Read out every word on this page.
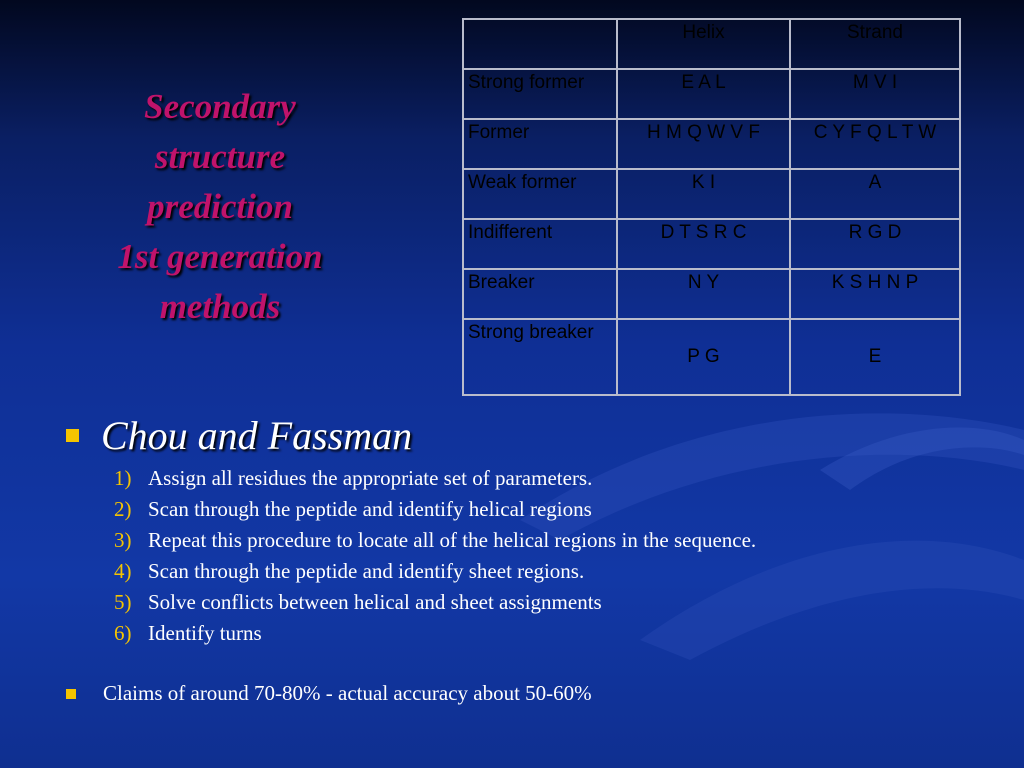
Secondary
structure
prediction
1st generation
methods
	Helix	Strand
Strong former	E A L	M V I
Former	H M Q W V F	C Y F Q L T W
Weak former	K I	A
Indifferent	D T S R C	R G D
Breaker	N Y	K S H N P
Strong breaker	P G	E
Chou and Fassman
1) Assign all residues the appropriate set of parameters.
2) Scan through the peptide and identify helical regions
3) Repeat this procedure to locate all of the helical regions in the sequence.
4) Scan through the peptide and identify sheet regions.
5) Solve conflicts between helical and sheet assignments
6) Identify turns
Claims of around 70-80% - actual accuracy about 50-60%
